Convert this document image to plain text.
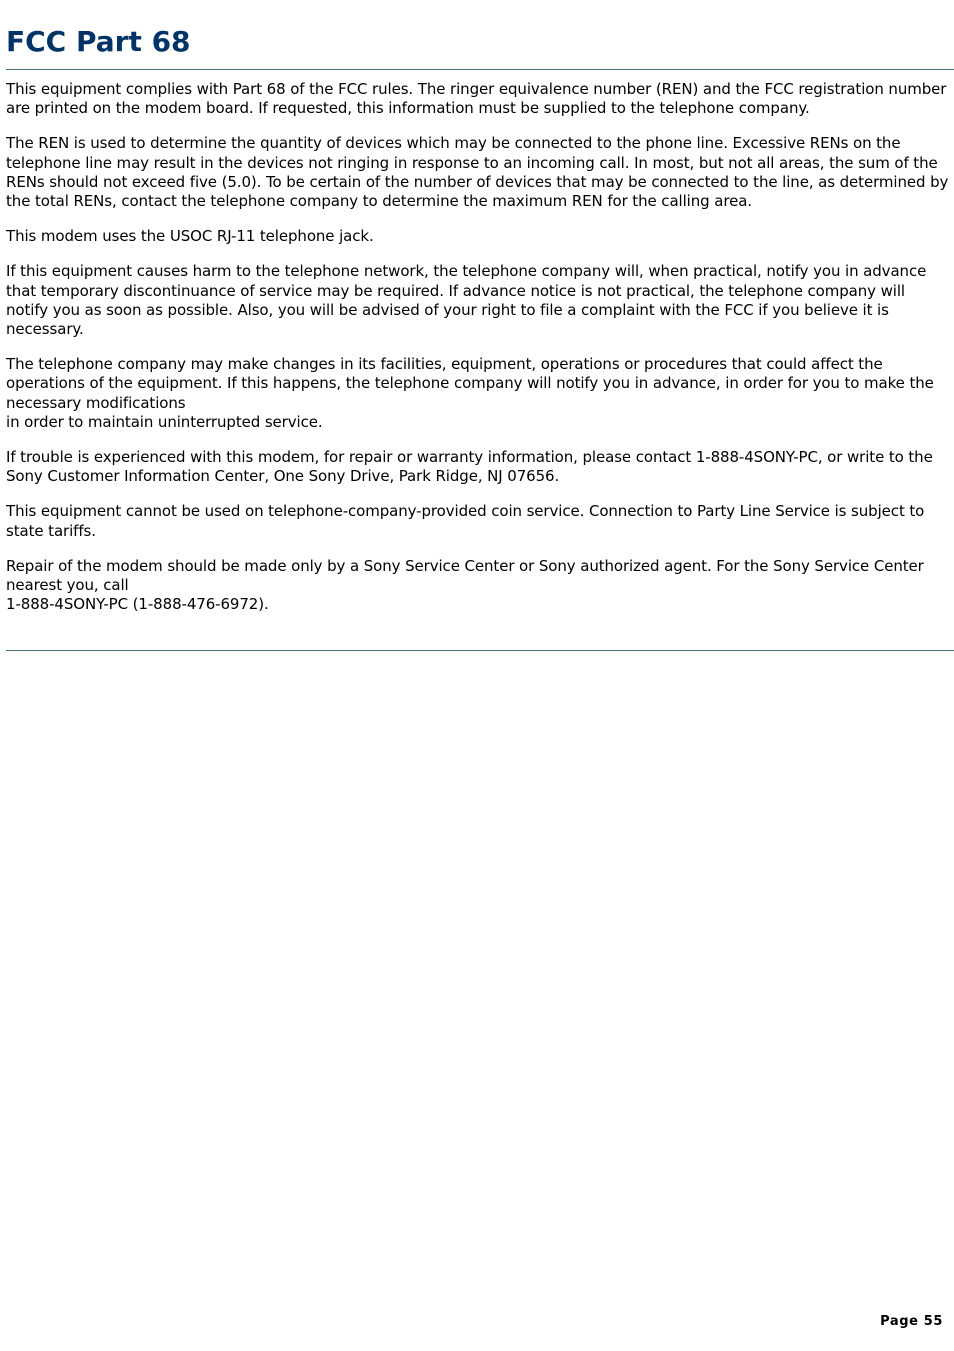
FCC Part 68

This equipment complies with Part 68 of the FCC rules. The ringer equivalence number (REN) and the FCC registration number are printed on the modem board. If requested, this information must be supplied to the telephone company.

The REN is used to determine the quantity of devices which may be connected to the phone line. Excessive RENs on the telephone line may result in the devices not ringing in response to an incoming call. In most, but not all areas, the sum of the RENs should not exceed five (5.0). To be certain of the number of devices that may be connected to the line, as determined by the total RENs, contact the telephone company to determine the maximum REN for the calling area.

This modem uses the USOC RJ-11 telephone jack.

If this equipment causes harm to the telephone network, the telephone company will, when practical, notify you in advance that temporary discontinuance of service may be required. If advance notice is not practical, the telephone company will notify you as soon as possible. Also, you will be advised of your right to file a complaint with the FCC if you believe it is necessary.

The telephone company may make changes in its facilities, equipment, operations or procedures that could affect the operations of the equipment. If this happens, the telephone company will notify you in advance, in order for you to make the necessary modifications
in order to maintain uninterrupted service.

If trouble is experienced with this modem, for repair or warranty information, please contact 1-888-4SONY-PC, or write to the Sony Customer Information Center, One Sony Drive, Park Ridge, NJ 07656.

This equipment cannot be used on telephone-company-provided coin service. Connection to Party Line Service is subject to state tariffs.

Repair of the modem should be made only by a Sony Service Center or Sony authorized agent. For the Sony Service Center nearest you, call
1-888-4SONY-PC (1-888-476-6972).

Page 55
